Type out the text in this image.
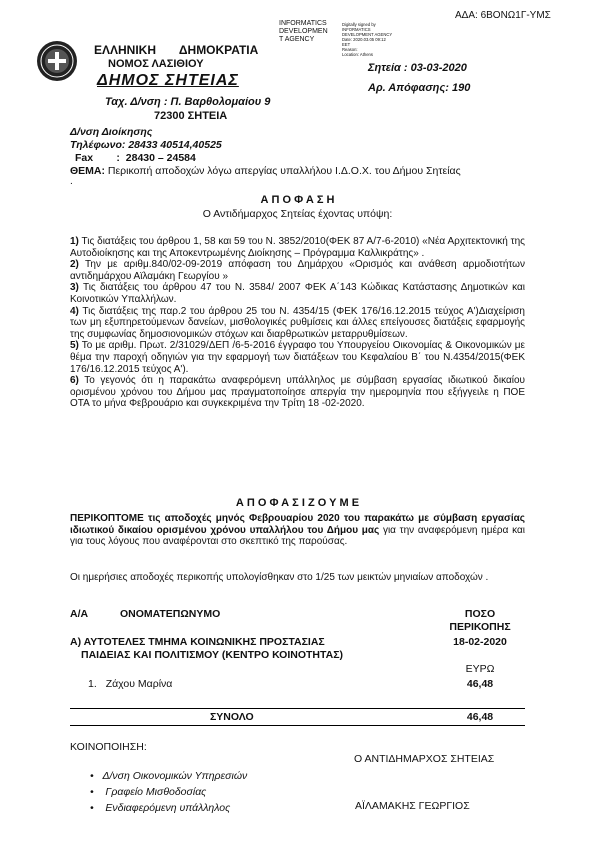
ΑΔΑ: 6ΒΟΝΩ1Γ-ΥΜΣ
ΕΛΛΗΝΙΚΗ ΔΗΜΟΚΡΑΤΙΑ
ΝΟΜΟΣ ΛΑΣΙΘΙΟΥ
ΔΗΜΟΣ ΣΗΤΕΙΑΣ
Ταχ. Δ/νση : Π. Βαρθολομαίου 9
72300 ΣΗΤΕΙΑ
INFORMATICS
DEVELOPMEN
T AGENCY
Digitally signed by
INFORMATICS
DEVELOPMENT AGENCY
Date: 2020.03.05 09:12
EET
Reason:
Location: Athens
Σητεία : 03-03-2020
Αρ. Απόφασης: 190
Δ/νση Διοίκησης
Τηλέφωνο: 28433 40514,40525
Fax        :  28430 – 24584
ΘΕΜΑ: Περικοπή αποδοχών λόγω απεργίας υπαλλήλου Ι.Δ.Ο.Χ. του Δήμου Σητείας
.
Α Π Ο Φ Α Σ Η
Ο Αντιδήμαρχος Σητείας έχοντας υπόψη:

1) Τις διατάξεις του άρθρου 1, 58 και 59 του Ν. 3852/2010(ΦΕΚ 87 Α/7-6-2010) «Νέα Αρχιτεκτονική της Αυτοδιοίκησης και της Αποκεντρωμένης Διοίκησης – Πρόγραμμα Καλλικράτης» .

2) Την με αριθμ.840/02-09-2019 απόφαση του Δημάρχου «Ορισμός και ανάθεση αρμοδιοτήτων αντιδημάρχου Αϊλαμάκη Γεωργίου »

3) Τις διατάξεις του άρθρου 47 του Ν. 3584/ 2007 ΦΕΚ Α΄143 Κώδικας Κατάστασης Δημοτικών και Κοινοτικών Υπαλλήλων.

4) Τις διατάξεις της παρ.2 του άρθρου 25 του Ν. 4354/15 (ΦΕΚ 176/16.12.2015 τεύχος Α')Διαχείριση των μη εξυπηρετούμενων δανείων, μισθολογικές ρυθμίσεις και άλλες επείγουσες διατάξεις εφαρμογής της συμφωνίας δημοσιονομικών στόχων και διαρθρωτικών μεταρρυθμίσεων.

5) Το με αριθμ. Πρωτ. 2/31029/ΔΕΠ /6-5-2016 έγγραφο του Υπουργείου Οικονομίας & Οικονομικών με θέμα την παροχή οδηγιών για την εφαρμογή των διατάξεων του Κεφαλαίου Β΄ του Ν.4354/2015(ΦΕΚ 176/16.12.2015 τεύχος Α').

6) Το γεγονός ότι η παρακάτω αναφερόμενη υπάλληλος με σύμβαση εργασίας ιδιωτικού δικαίου ορισμένου χρόνου του Δήμου μας πραγματοποίησε απεργία την ημερομηνία που εξήγγειλε η ΠΟΕ ΟΤΑ το μήνα Φεβρουάριο και συγκεκριμένα την Τρίτη 18 -02-2020.

Α Π Ο Φ Α Σ Ι Ζ Ο Υ Μ Ε
ΠΕΡΙΚΟΠΤΟΜΕ τις αποδοχές μηνός Φεβρουαρίου 2020 του παρακάτω με σύμβαση εργασίας ιδιωτικού δικαίου ορισμένου χρόνου υπαλλήλου του Δήμου μας για την αναφερόμενη ημέρα και για τους λόγους που αναφέρονται στο σκεπτικό της παρούσας.
Οι ημερήσιες αποδοχές περικοπής υπολογίσθηκαν στο 1/25 των μεικτών μηνιαίων αποδοχών .
Α/Α	ΟΝΟΜΑΤΕΠΩΝΥΜΟ	ΠΟΣΟ
ΠΕΡΙΚΟΠΗΣ
Α) ΑΥΤΟΤΕΛΕΣ ΤΜΗΜΑ ΚΟΙΝΩΝΙΚΗΣ ΠΡΟΣΤΑΣΙΑΣ
ΠΑΙΔΕΙΑΣ ΚΑΙ ΠΟΛΙΤΙΣΜΟΥ (ΚΕΝΤΡΟ ΚΟΙΝΟΤΗΤΑΣ)
18-02-2020
ΕΥΡΩ
1. Ζάχου Μαρίνα	46,48
ΣΥΝΟΛΟ	46,48
ΚΟΙΝΟΠΟΙΗΣΗ:
Ο ΑΝΤΙΔΗΜΑΡΧΟΣ ΣΗΤΕΙΑΣ
• Δ/νση Οικονομικών Υπηρεσιών
• Γραφείο Μισθοδοσίας
• Ενδιαφερόμενη υπάλληλος	ΑΪΛΑΜΑΚΗΣ ΓΕΩΡΓΙΟΣ
